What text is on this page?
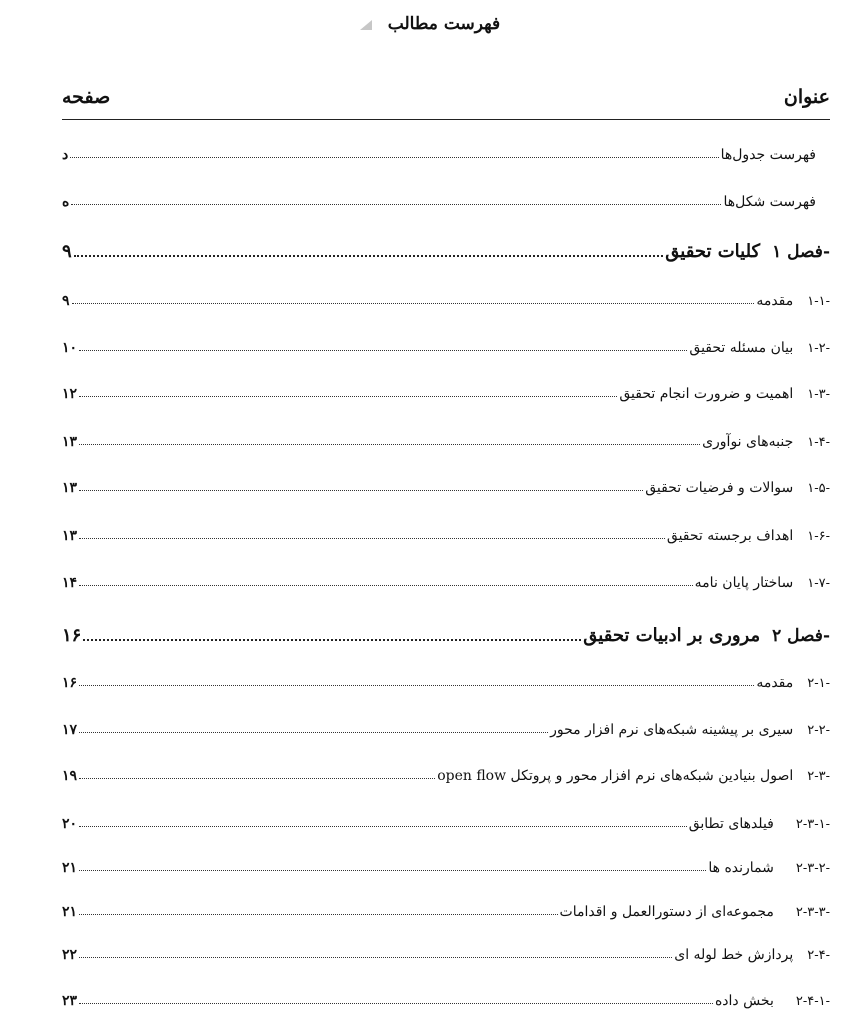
فهرست مطالب
عنوان
صفحه
فهرست جدول‌ها
د
فهرست شکل‌ها
ه
فصل ۱-
کلیات تحقیق
۹
۱-۱-
مقدمه
۹
۱-۲-
بیان مسئله تحقیق
۱۰
۱-۳-
اهمیت و ضرورت انجام تحقیق
۱۲
۱-۴-
جنبه‌های نوآوری
۱۳
۱-۵-
سوالات و فرضیات تحقیق
۱۳
۱-۶-
اهداف برجسته تحقیق
۱۳
۱-۷-
ساختار پایان نامه
۱۴
فصل ۲-
مروری بر ادبیات تحقیق
۱۶
۲-۱-
مقدمه
۱۶
۲-۲-
سیری بر پیشینه شبکه‌های نرم افزار محور
۱۷
۲-۳-
اصول بنیادین شبکه‌های نرم افزار محور و پروتکل open flow
۱۹
۲-۳-۱-
فیلدهای تطابق
۲۰
۲-۳-۲-
شمارنده ها
۲۱
۲-۳-۳-
مجموعه‌ای از دستورالعمل و اقدامات
۲۱
۲-۴-
پردازش خط لوله ای
۲۲
۲-۴-۱-
بخش داده
۲۳
